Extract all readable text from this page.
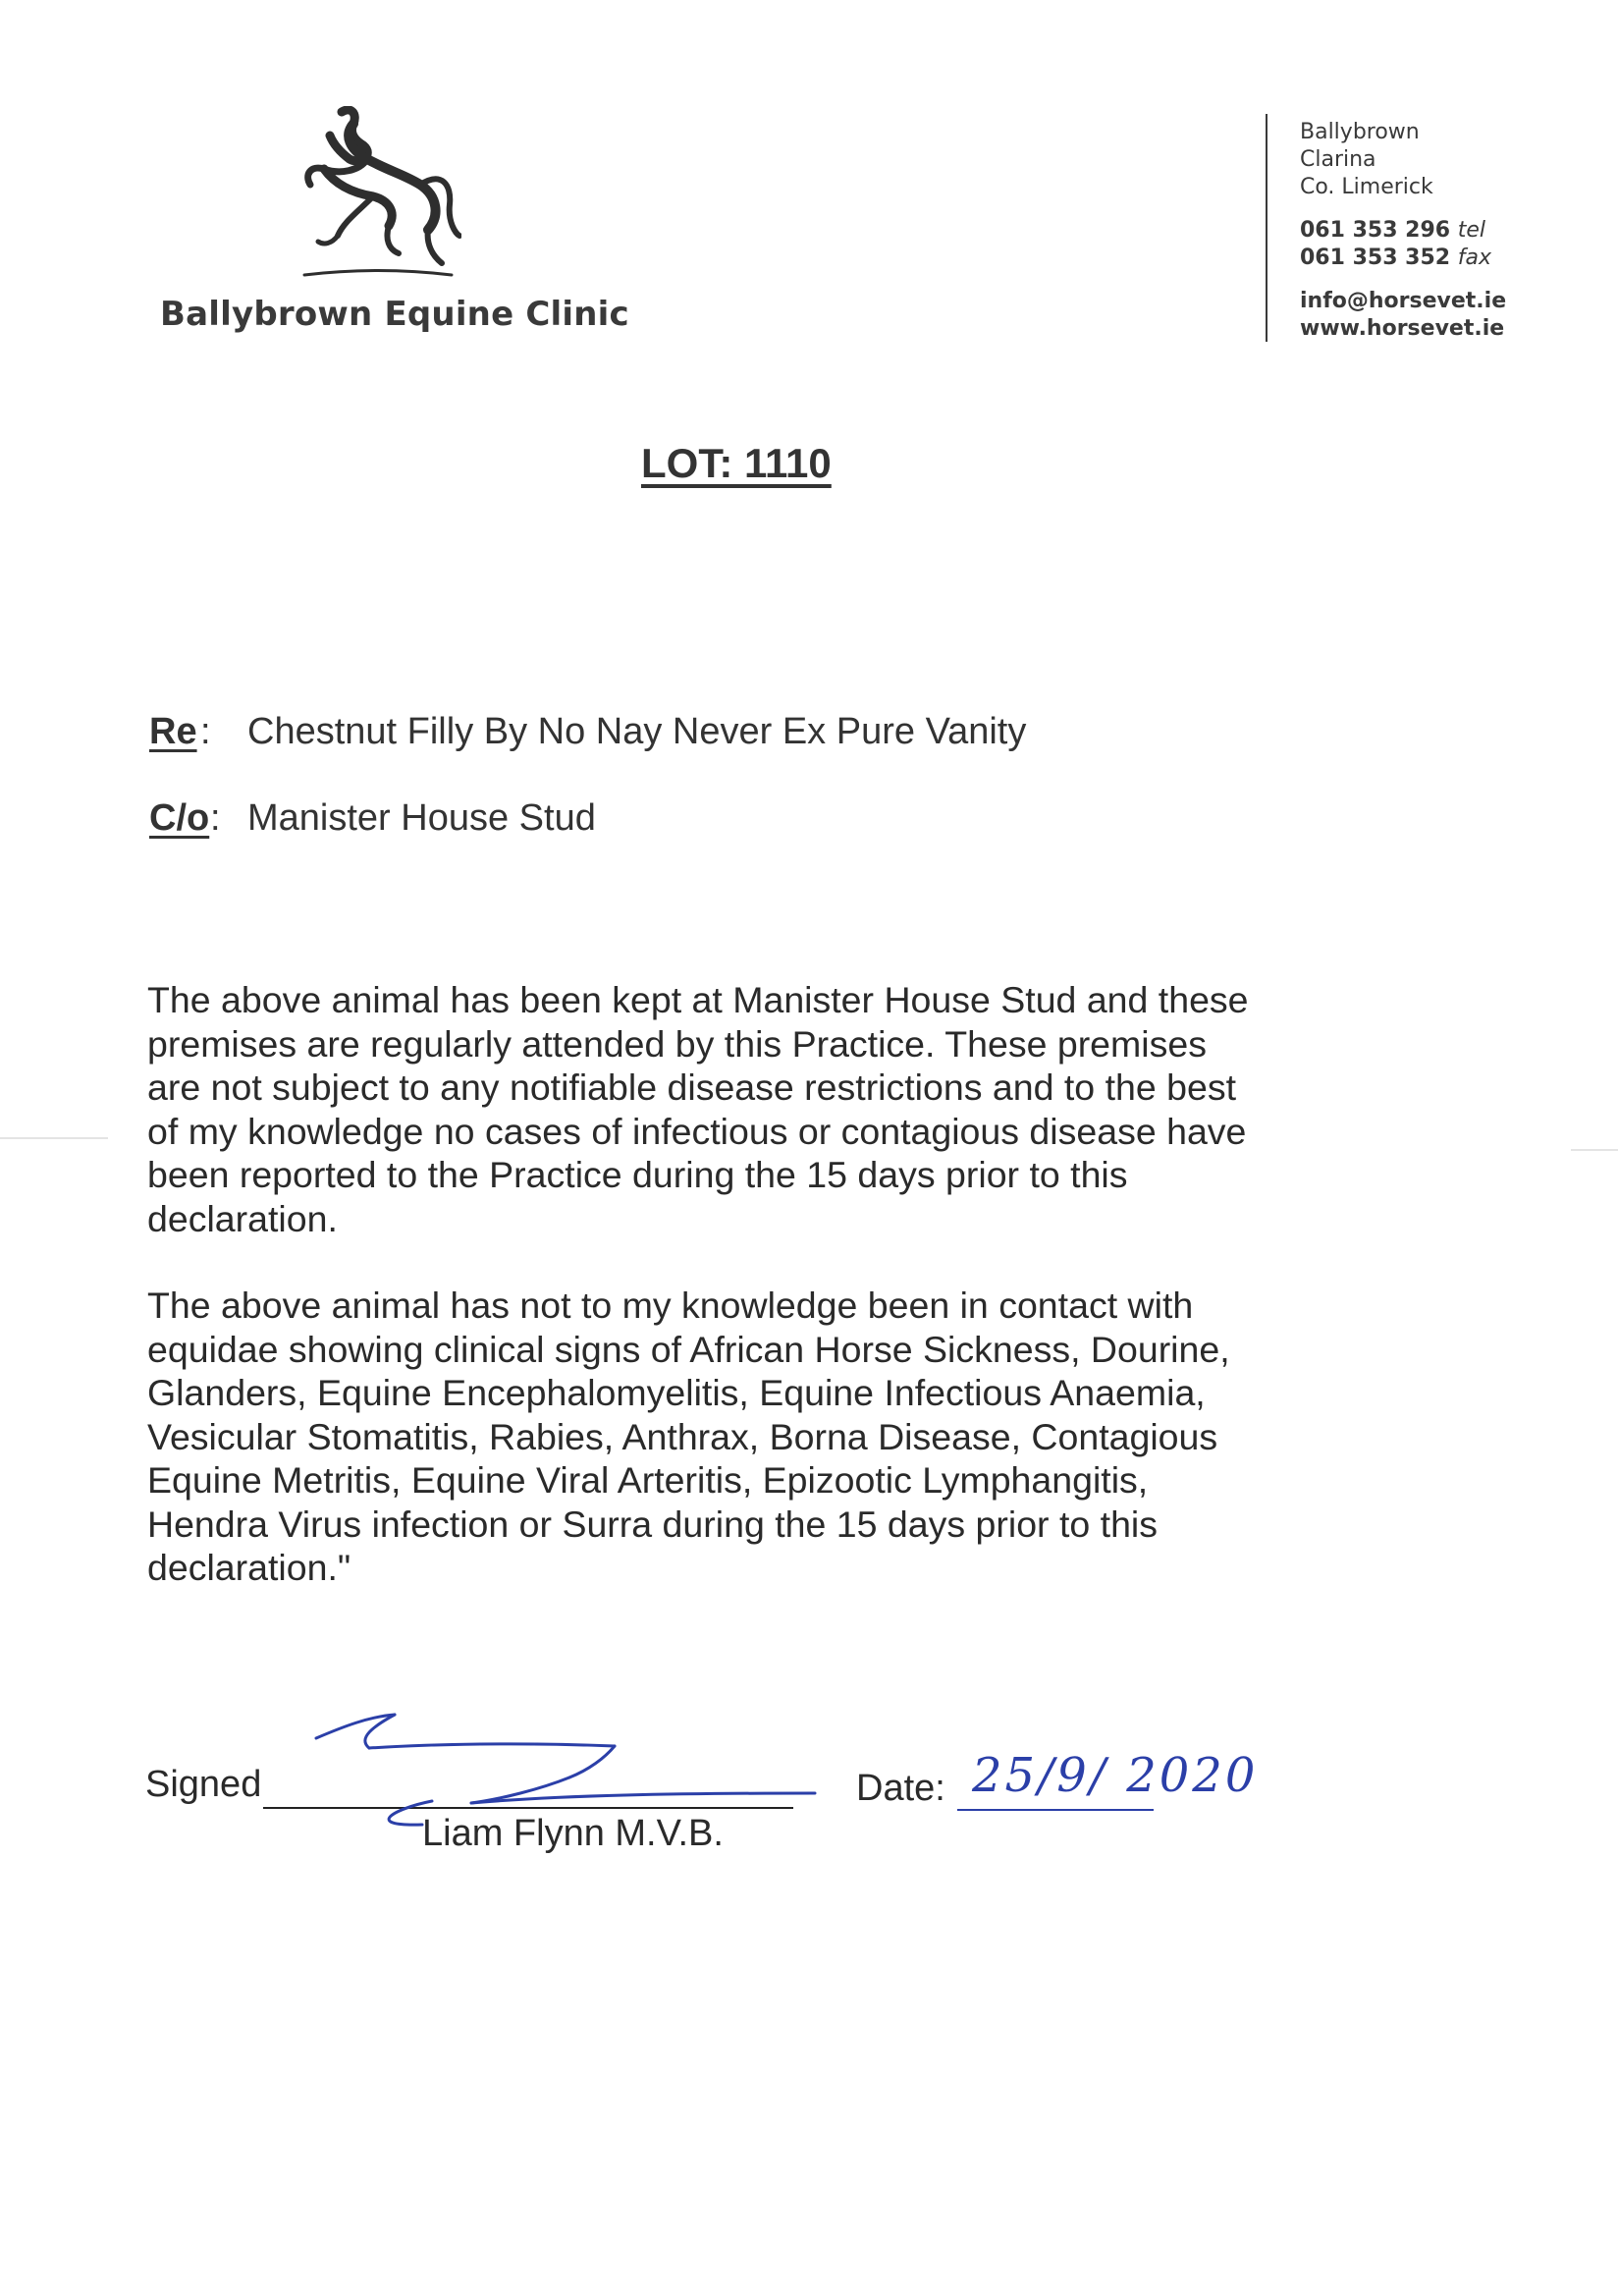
Ballybrown Equine Clinic
Ballybrown
Clarina
Co. Limerick
061 353 296 tel
061 353 352 fax
info@horsevet.ie
www.horsevet.ie
LOT: 1110
Re : Chestnut Filly By No Nay Never Ex Pure Vanity
C/o : Manister House Stud
The above animal has been kept at Manister House Stud and these
premises are regularly attended by this Practice. These premises
are not subject to any notifiable disease restrictions and to the best
of my knowledge no cases of infectious or contagious disease have
been reported to the Practice during the 15 days prior to this
declaration.
The above animal has not to my knowledge been in contact with
equidae showing clinical signs of African Horse Sickness, Dourine,
Glanders, Equine Encephalomyelitis, Equine Infectious Anaemia,
Vesicular Stomatitis, Rabies, Anthrax, Borna Disease, Contagious
Equine Metritis, Equine Viral Arteritis, Epizootic Lymphangitis,
Hendra Virus infection or Surra during the 15 days prior to this
declaration."
Signed
Liam Flynn M.V.B.
Date: 25/9/ 2020
